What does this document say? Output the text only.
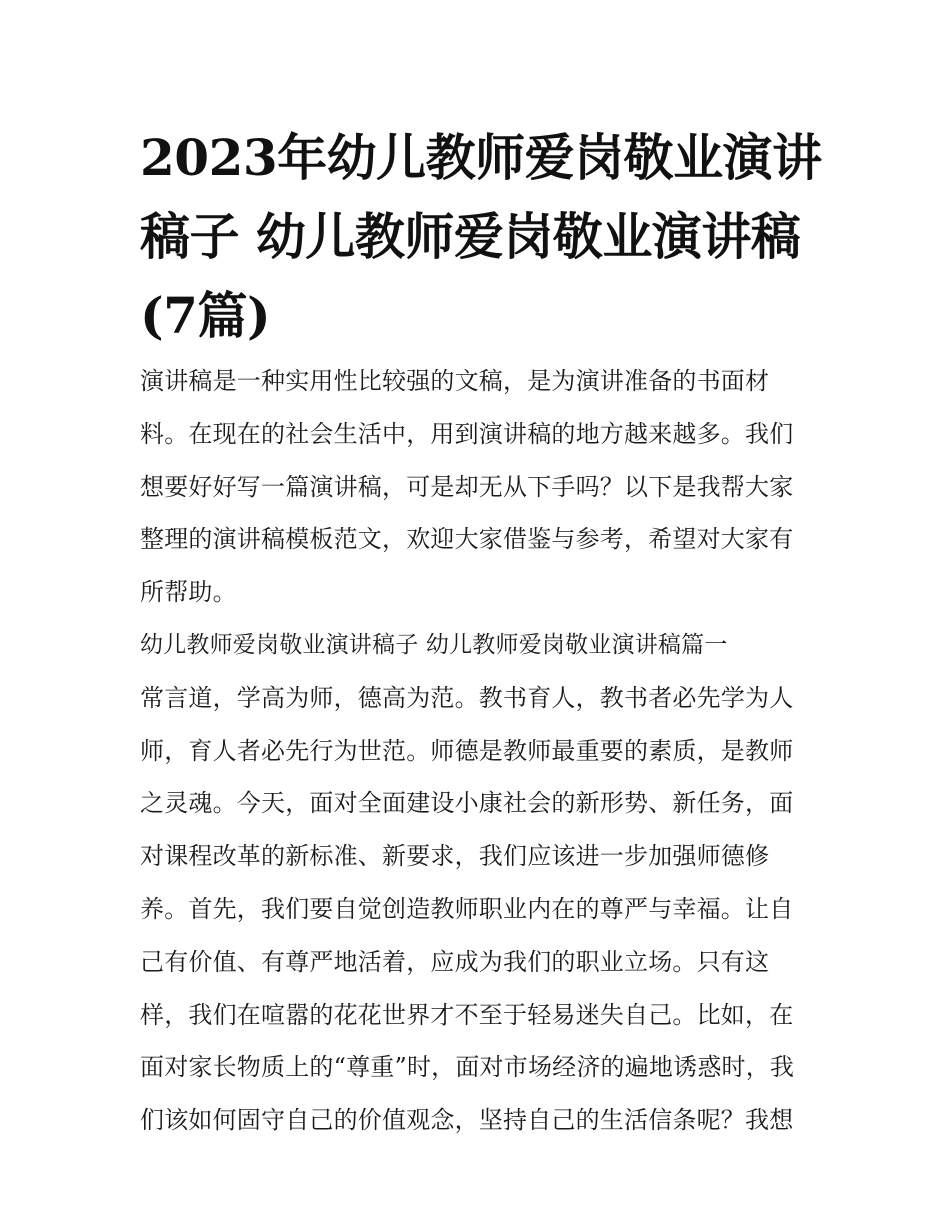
2023年幼儿教师爱岗敬业演讲
稿子 幼儿教师爱岗敬业演讲稿
(7篇)
演讲稿是一种实用性比较强的文稿，是为演讲准备的书面材
料。在现在的社会生活中，用到演讲稿的地方越来越多。我们
想要好好写一篇演讲稿，可是却无从下手吗？以下是我帮大家
整理的演讲稿模板范文，欢迎大家借鉴与参考，希望对大家有
所帮助。
幼儿教师爱岗敬业演讲稿子 幼儿教师爱岗敬业演讲稿篇一
常言道，学高为师，德高为范。教书育人，教书者必先学为人
师，育人者必先行为世范。师德是教师最重要的素质，是教师
之灵魂。今天，面对全面建设小康社会的新形势、新任务，面
对课程改革的新标准、新要求，我们应该进一步加强师德修
养。首先，我们要自觉创造教师职业内在的尊严与幸福。让自
己有价值、有尊严地活着，应成为我们的职业立场。只有这
样，我们在喧嚣的花花世界才不至于轻易迷失自己。比如，在
面对家长物质上的“尊重”时，面对市场经济的遍地诱惑时，我
们该如何固守自己的价值观念，坚持自己的生活信条呢？我想
